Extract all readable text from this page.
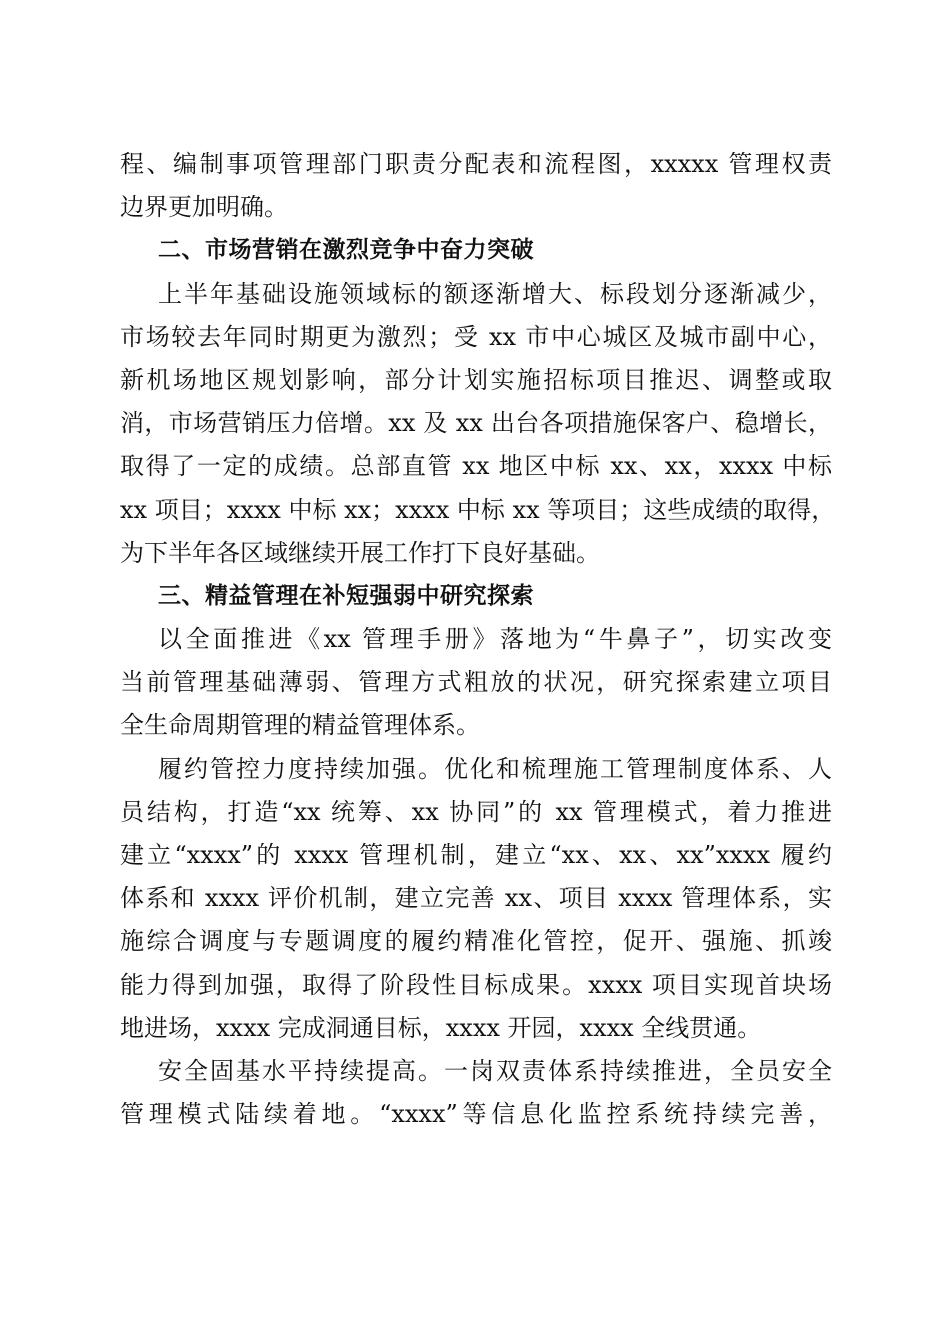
程、编制事项管理部门职责分配表和流程图，xxxxx 管理权责
边界更加明确。
二、市场营销在激烈竞争中奋力突破
上半年基础设施领域标的额逐渐增大、标段划分逐渐减少，
市场较去年同时期更为激烈；受 xx 市中心城区及城市副中心，
新机场地区规划影响，部分计划实施招标项目推迟、调整或取
消，市场营销压力倍增。xx 及 xx 出台各项措施保客户、稳增长，
取得了一定的成绩。总部直管 xx 地区中标 xx、xx，xxxx 中标
xx 项目；xxxx 中标 xx；xxxx 中标 xx 等项目；这些成绩的取得，
为下半年各区域继续开展工作打下良好基础。
三、精益管理在补短强弱中研究探索
以全面推进《xx 管理手册》落地为“牛鼻子”，切实改变
当前管理基础薄弱、管理方式粗放的状况，研究探索建立项目
全生命周期管理的精益管理体系。
履约管控力度持续加强。优化和梳理施工管理制度体系、人
员结构，打造“xx 统筹、xx 协同”的 xx 管理模式，着力推进
建立“xxxx”的 xxxx 管理机制，建立“xx、xx、xx”xxxx 履约
体系和 xxxx 评价机制，建立完善 xx、项目 xxxx 管理体系，实
施综合调度与专题调度的履约精准化管控，促开、强施、抓竣
能力得到加强，取得了阶段性目标成果。xxxx 项目实现首块场
地进场，xxxx 完成洞通目标，xxxx 开园，xxxx 全线贯通。
安全固基水平持续提高。一岗双责体系持续推进，全员安全
管理模式陆续着地。“xxxx”等信息化监控系统持续完善，
